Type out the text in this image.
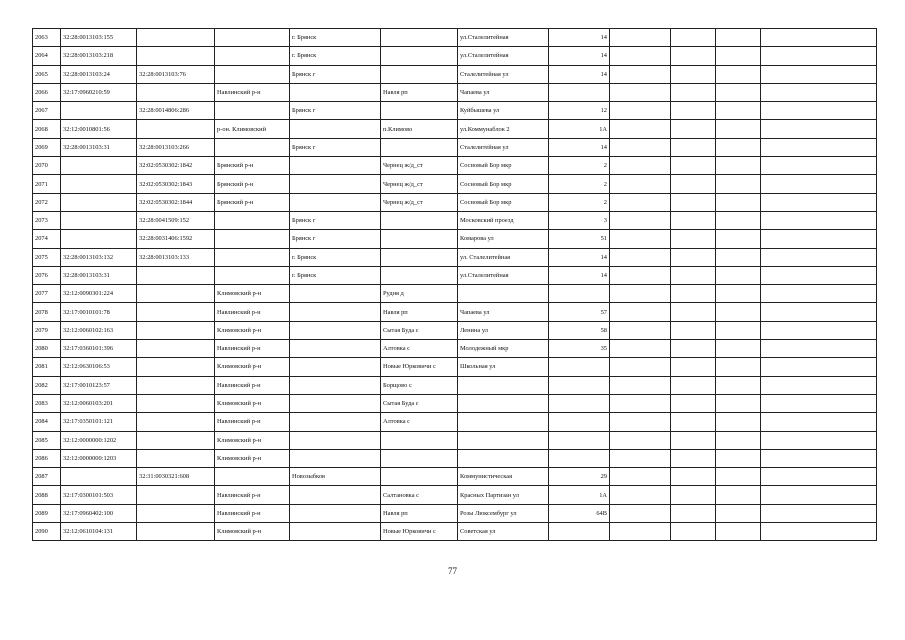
2063	32:28:0013103:155			г. Брянск		ул.Сталелитейная	14				
2064	32:28:0013103:218			г. Брянск		ул.Сталелитейная	14				
2065	32:28:0013103:24	32:28:0013103:76		Брянск г		Сталелитейная ул	14				
2066	32:17:0960210:59		Навлинский р-н		Навля рп	Чапаева ул					
2067		32:28:0014806:286		Брянск г		Куйбышева ул	12				
2068	32:12:0010801:56		р-он. Климовский		п.Климово	ул.Коммунаблок 2	1А				
2069	32:28:0013103:31	32:28:0013103:266		Брянск г		Сталелитейная ул	14				
2070		32:02:0530302:1842	Брянский р-н		Чернец ж/д_ст	Сосновый Бор мкр	2				
2071		32:02:0530302:1843	Брянский р-н		Чернец ж/д_ст	Сосновый Бор мкр	2				
2072		32:02:0530302:1844	Брянский р-н		Чернец ж/д_ст	Сосновый Бор мкр	2				
2073		32:28:0041509:152		Брянск г		Московский проезд	3				
2074		32:28:0031406:1592		Брянск г		Комарова ул	51				
2075	32:28:0013103:132	32:28:0013103:133		г. Брянск		ул. Сталелитейная	14				
2076	32:28:0013103:31			г. Брянск		ул.Сталелитейная	14				
2077	32:12:0090301:224		Климовский р-н		Рудня д						
2078	32:17:0010101:78		Навлинский р-н		Навля рп	Чапаева ул	57				
2079	32:12:0060102:163		Климовский р-н		Сытая Буда с	Ленина ул	58				
2080	32:17:0360101:396		Навлинский р-н		Алтовка с	Молодежный мкр	35				
2081	32:12:0630106:53		Климовский р-н		Новые Юрковичи с	Школьная ул					
2082	32:17:0010123:57		Навлинский р-н		Борщово с						
2083	32:12:0060103:201		Климовский р-н		Сытая Буда с						
2084	32:17:0350101:121		Навлинский р-н		Алтовка с						
2085	32:12:0000000:1202		Климовский р-н								
2086	32:12:0000000:1203		Климовский р-н								
2087		32:31:0030321:608		Новозыбков		Коммунистическая	29				
2088	32:17:0300101:503		Навлинский р-н		Салтановка с	Красных Партизан ул	1А				
2089	32:17:0960402:100		Навлинский р-н		Навля рп	Розы Люксембург ул	64В				
2090	32:12:0610104:131		Климовский р-н		Новые Юрковичи с	Советская ул					
77
